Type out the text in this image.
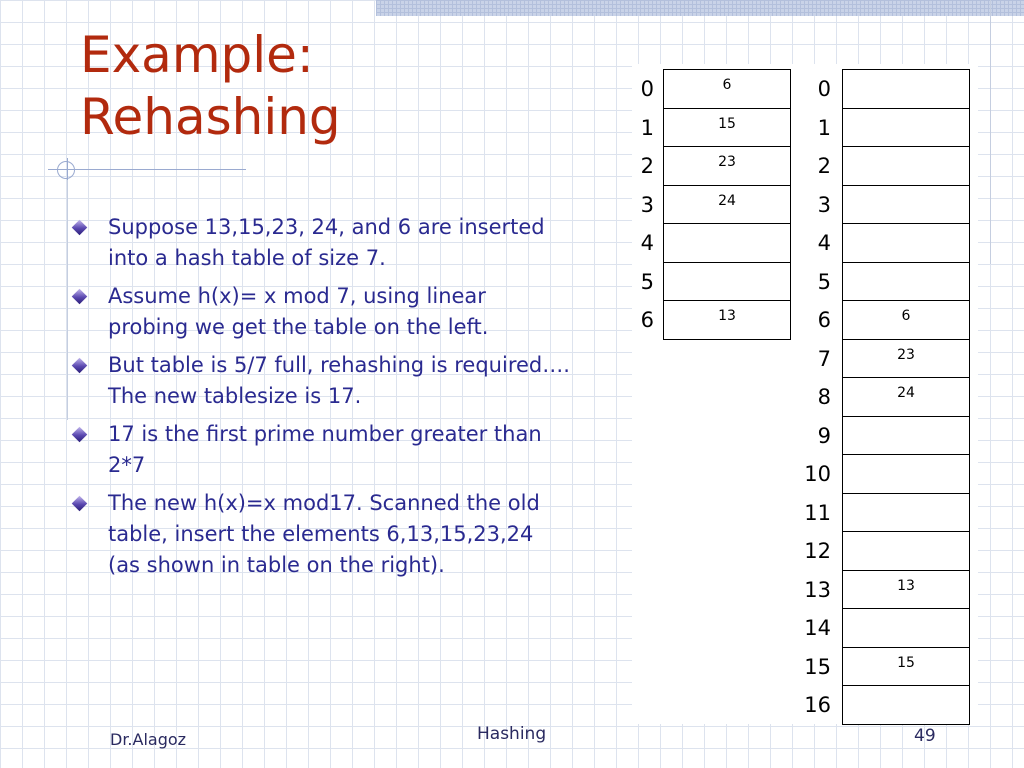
Example:
Rehashing
Suppose 13,15,23, 24, and 6 are inserted into a hash table of size 7.
Assume h(x)= x mod 7, using linear probing we get the table on the left.
But table is 5/7 full, rehashing is required…. The new tablesize is 17.
17 is the first prime number greater than 2*7
The new h(x)=x mod17. Scanned the old table, insert the elements 6,13,15,23,24 (as shown in table on the right).
0	6
1	15
2	23
3	24
4
5
6	13
0
1
2
3
4
5
6	6
7	23
8	24
9
10
11
12
13	13
14
15	15
16
Dr.Alagoz	Hashing	49
